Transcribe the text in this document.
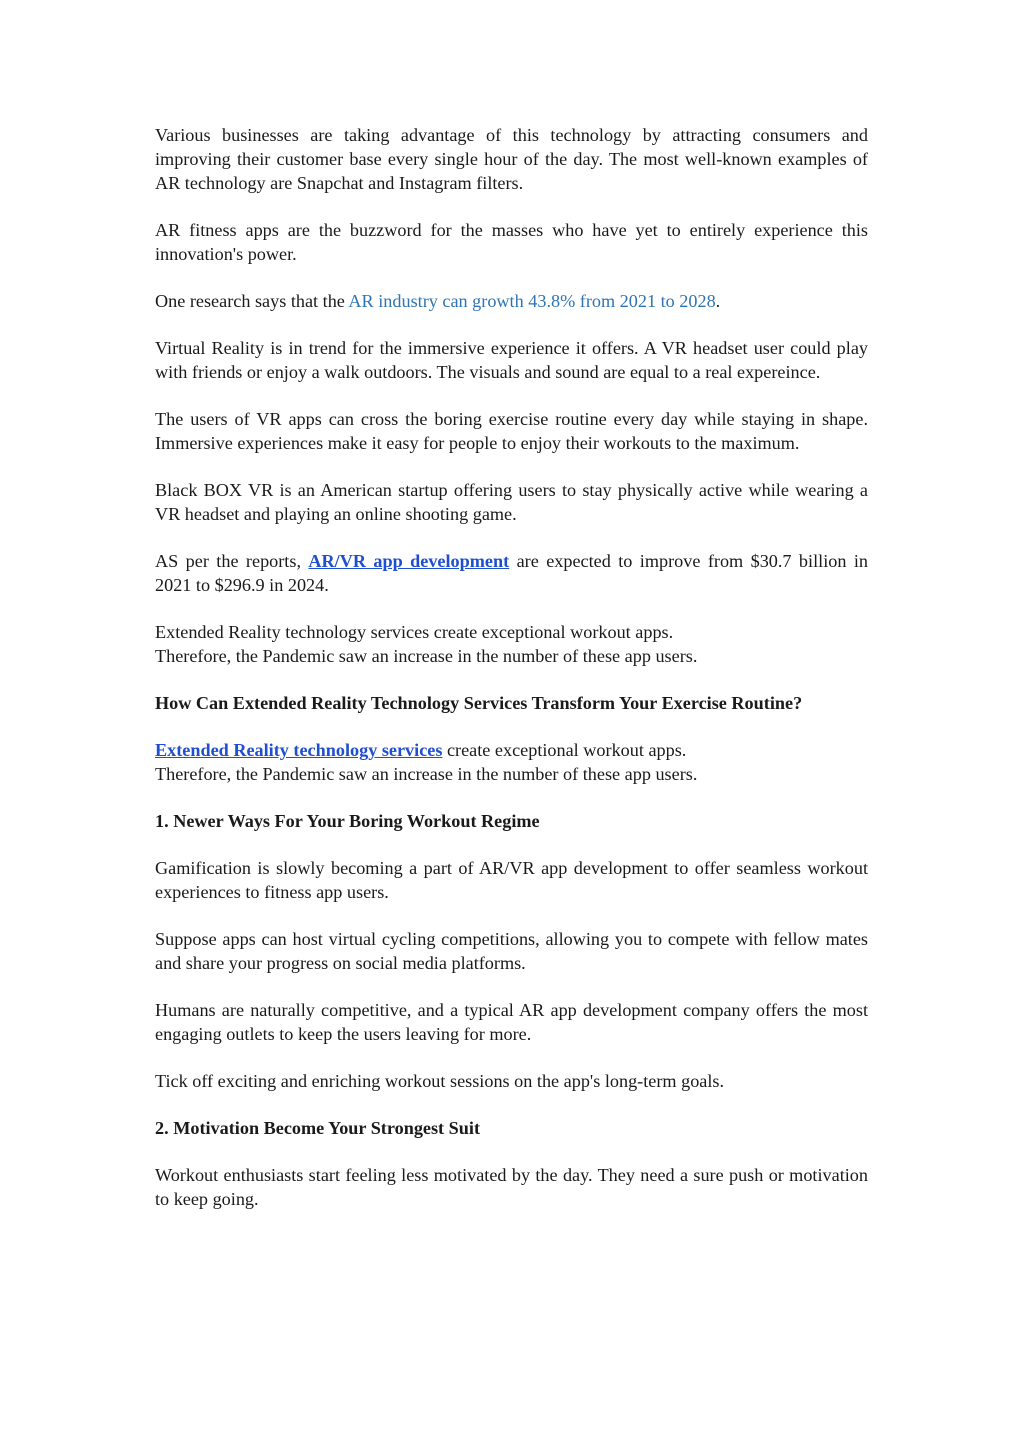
Various businesses are taking advantage of this technology by attracting consumers and improving their customer base every single hour of the day. The most well-known examples of AR technology are Snapchat and Instagram filters.

AR fitness apps are the buzzword for the masses who have yet to entirely experience this innovation's power.

One research says that the AR industry can growth 43.8% from 2021 to 2028.

Virtual Reality is in trend for the immersive experience it offers. A VR headset user could play with friends or enjoy a walk outdoors. The visuals and sound are equal to a real expereince.

The users of VR apps can cross the boring exercise routine every day while staying in shape. Immersive experiences make it easy for people to enjoy their workouts to the maximum.

Black BOX VR is an American startup offering users to stay physically active while wearing a VR headset and playing an online shooting game.

AS per the reports, AR/VR app development are expected to improve from $30.7 billion in 2021 to $296.9 in 2024.

Extended Reality technology services create exceptional workout apps.
Therefore, the Pandemic saw an increase in the number of these app users.

How Can Extended Reality Technology Services Transform Your Exercise Routine?

Extended Reality technology services create exceptional workout apps.
Therefore, the Pandemic saw an increase in the number of these app users.

1. Newer Ways For Your Boring Workout Regime

Gamification is slowly becoming a part of AR/VR app development to offer seamless workout experiences to fitness app users.

Suppose apps can host virtual cycling competitions, allowing you to compete with fellow mates and share your progress on social media platforms.

Humans are naturally competitive, and a typical AR app development company offers the most engaging outlets to keep the users leaving for more.

Tick off exciting and enriching workout sessions on the app's long-term goals.

2. Motivation Become Your Strongest Suit

Workout enthusiasts start feeling less motivated by the day. They need a sure push or motivation to keep going.
